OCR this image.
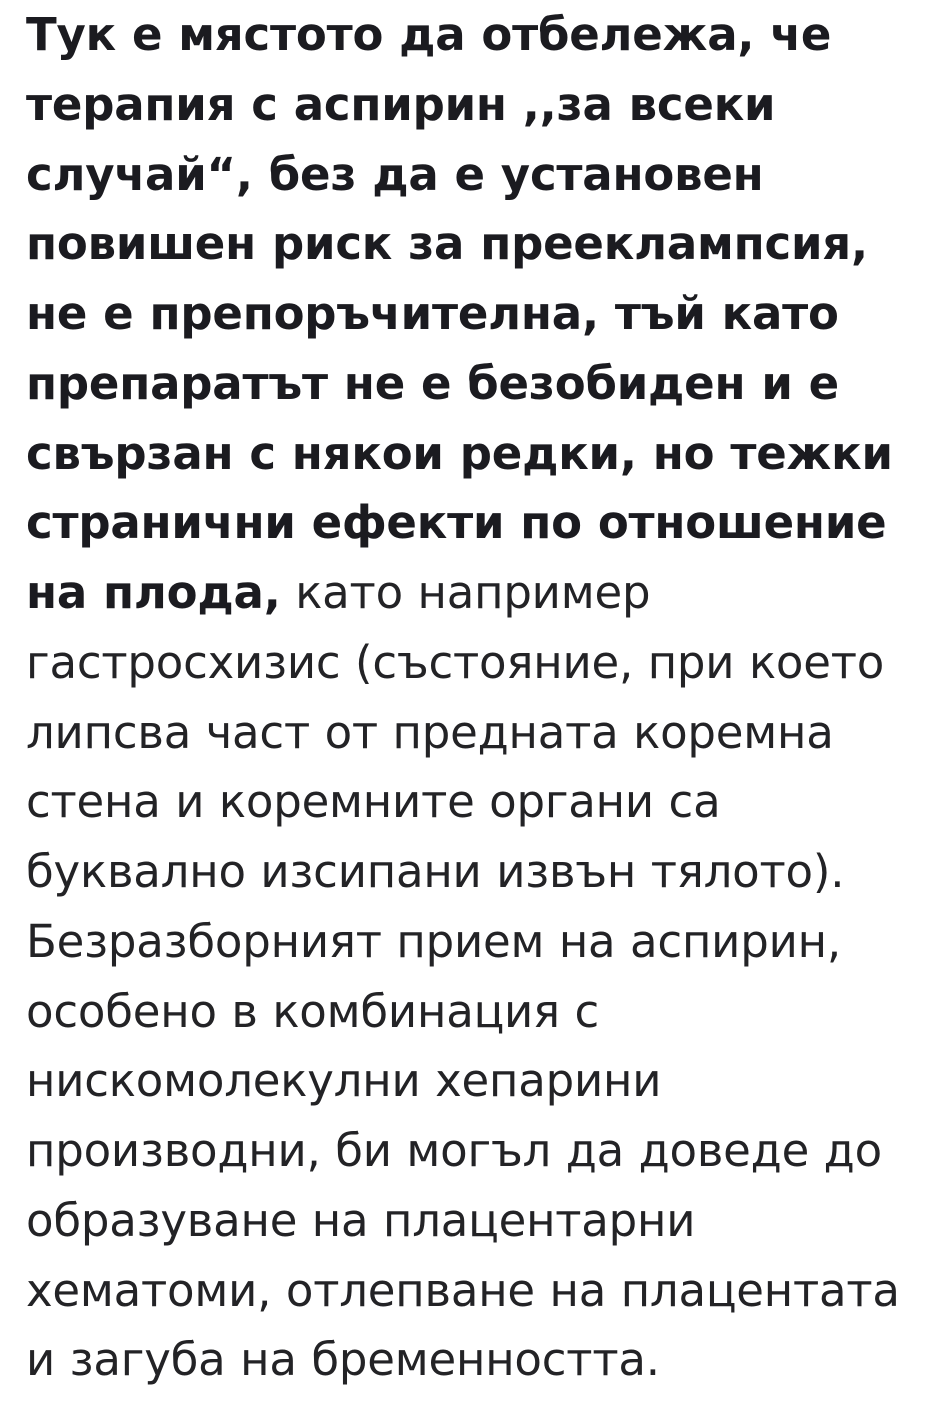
Тук е мястото да отбележа, че терапия с аспирин ,,за всеки случай“, без да е установен повишен риск за прееклампсия, не е препоръчителна, тъй като препаратът не е безобиден и е свързан с някои редки, но тежки странични ефекти по отношение на плода, като например гастросхизис (състояние, при което липсва част от предната коремна стена и коремните органи са буквално изсипани извън тялото). Безразборният прием на аспирин, особено в комбинация с нискомолекулни хепарини производни, би могъл да доведе до образуване на плацентарни хематоми, отлепване на плацентата и загуба на бременността.
